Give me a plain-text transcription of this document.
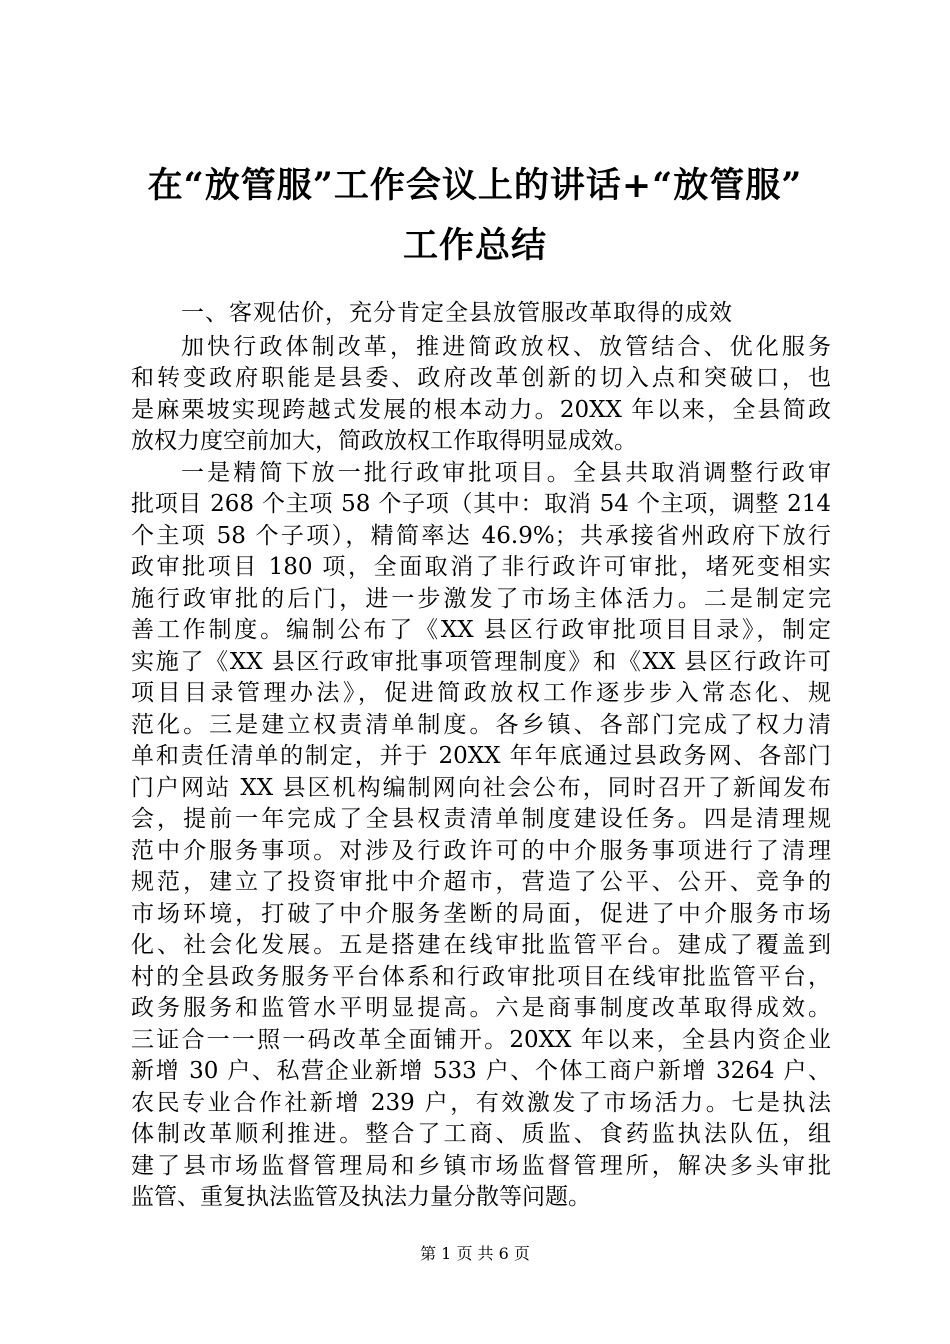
在“放管服”工作会议上的讲话+“放管服”
工作总结
一、客观估价，充分肯定全县放管服改革取得的成效
加快行政体制改革，推进简政放权、放管结合、优化服务
和转变政府职能是县委、政府改革创新的切入点和突破口，也
是麻栗坡实现跨越式发展的根本动力。20XX 年以来，全县简政
放权力度空前加大，简政放权工作取得明显成效。
一是精简下放一批行政审批项目。全县共取消调整行政审
批项目 268 个主项 58 个子项（其中：取消 54 个主项，调整 214
个主项 58 个子项），精简率达 46.9%；共承接省州政府下放行
政审批项目 180 项，全面取消了非行政许可审批，堵死变相实
施行政审批的后门，进一步激发了市场主体活力。二是制定完
善工作制度。编制公布了《XX 县区行政审批项目目录》，制定
实施了《XX 县区行政审批事项管理制度》和《XX 县区行政许可
项目目录管理办法》，促进简政放权工作逐步步入常态化、规
范化。三是建立权责清单制度。各乡镇、各部门完成了权力清
单和责任清单的制定，并于 20XX 年年底通过县政务网、各部门
门户网站 XX 县区机构编制网向社会公布，同时召开了新闻发布
会，提前一年完成了全县权责清单制度建设任务。四是清理规
范中介服务事项。对涉及行政许可的中介服务事项进行了清理
规范，建立了投资审批中介超市，营造了公平、公开、竞争的
市场环境，打破了中介服务垄断的局面，促进了中介服务市场
化、社会化发展。五是搭建在线审批监管平台。建成了覆盖到
村的全县政务服务平台体系和行政审批项目在线审批监管平台，
政务服务和监管水平明显提高。六是商事制度改革取得成效。
三证合一一照一码改革全面铺开。20XX 年以来，全县内资企业
新增 30 户、私营企业新增 533 户、个体工商户新增 3264 户、
农民专业合作社新增 239 户，有效激发了市场活力。七是执法
体制改革顺利推进。整合了工商、质监、食药监执法队伍，组
建了县市场监督管理局和乡镇市场监督管理所，解决多头审批
监管、重复执法监管及执法力量分散等问题。
第 1 页 共 6 页
